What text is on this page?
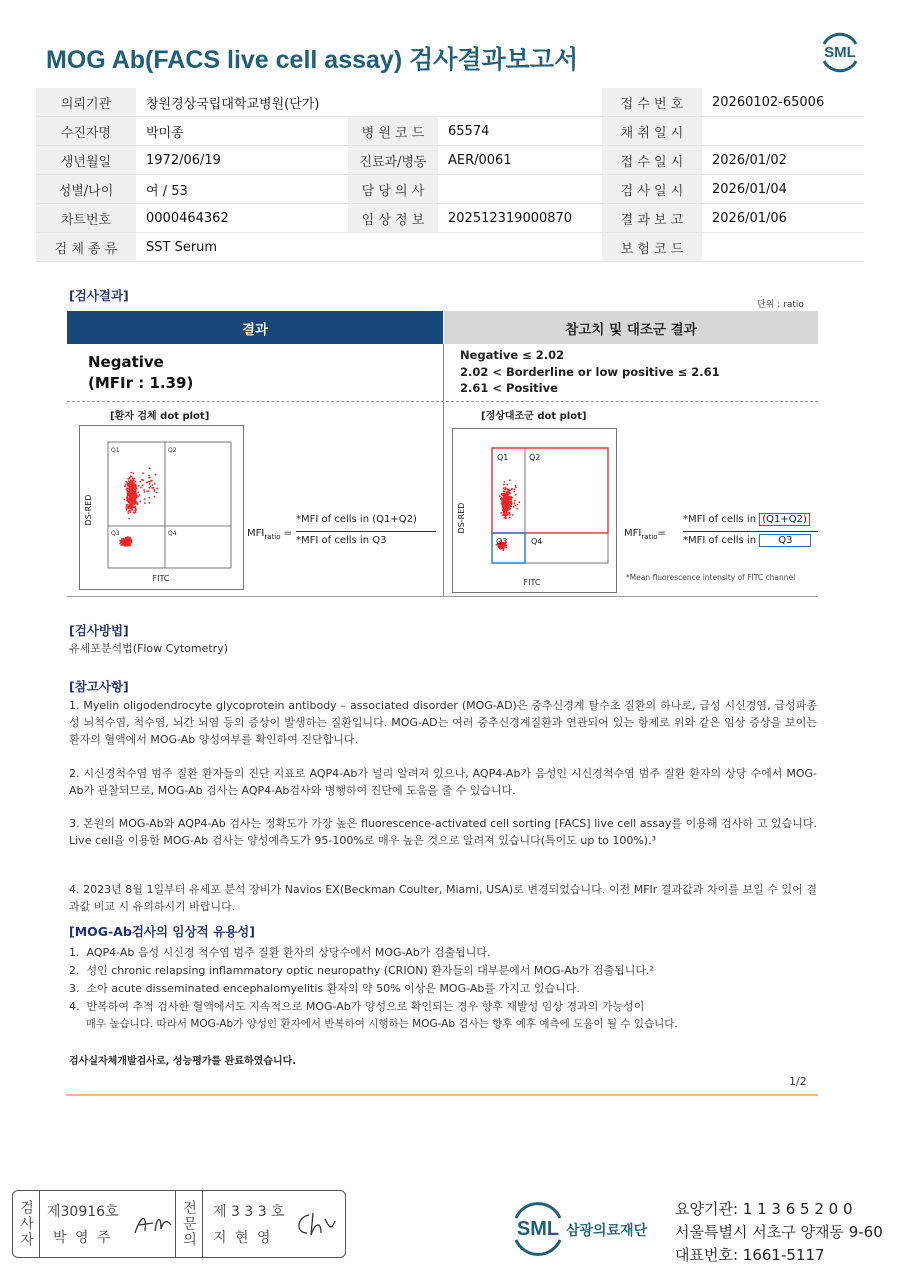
MOG Ab(FACS live cell assay) 검사결과보고서	SML
의뢰기관	창원경상국립대학교병원(단가)			접 수 번 호	20260102-65006
수진자명	박미종	병 원 코 드	65574	채 취 일 시	
생년월일	1972/06/19	진료과/병동	AER/0061	접 수 일 시	2026/01/02
성별/나이	여 / 53	담 당 의 사		검 사 일 시	2026/01/04
차트번호	0000464362	임 상 정 보	202512319000870	결 과 보 고	2026/01/06
검 체 종 류	SST Serum			보 험 코 드	
[검사결과]
단위 : ratio
결과	참고치 및 대조군 결과
Negative
(MFIr : 1.39)
Negative ≤ 2.02
2.02 < Borderline or low positive ≤ 2.61
2.61 < Positive
[환자 검체 dot plot]	[정상대조군 dot plot]
Q1	Q2
Q3	Q4
FITC
DS-RED
$MFI_{ratio}$ =
*MFI of cells in (Q1+Q2)
*MFI of cells in Q3
Q1	Q2
Q3	Q4
FITC
DS-RED
$MFI_{ratio}=$
*MFI of cells in (Q1+Q2)
*MFI of cells in Q3
*Mean fluorescence intensity of FITC channel
[검사방법]
유세포분석법(Flow Cytometry)
[참고사항]
1. Myelin oligodendrocyte glycoprotein antibody – associated disorder (MOG-AD)은 중추신경계 탈수초 질환의 하나로, 급성 시신경염, 급성파종성 뇌척수염, 척수염, 뇌간 뇌염 등의 증상이 발생하는 질환입니다. MOG-AD는 여러 중추신경계질환과 연관되어 있는 항제로 위와 같은 임상 증상을 보이는 환자의 혈액에서 MOG-Ab 양성여부를 확인하여 진단합니다.
2. 시신경척수염 범주 질환 환자들의 진단 지표로 AQP4-Ab가 널리 알려져 있으나, AQP4-Ab가 음성인 시신경척수염 범주 질환 환자의 상당 수에서 MOG-Ab가 관찰되므로, MOG-Ab 검사는 AQP4-Ab검사와 병행하여 진단에 도움을 줄 수 있습니다.
3. 본원의 MOG-Ab와 AQP4-Ab 검사는 정확도가 가장 높은 fluorescence-activated cell sorting [FACS] live cell assay를 이용해 검사하 고 있습니다. Live cell을 이용한 MOG-Ab 검사는 양성예측도가 95-100%로 매우 높은 것으로 알려져 있습니다(특이도 up to 100%).³
4. 2023년 8월 1일부터 유세포 분석 장비가 Navios EX(Beckman Coulter, Miami, USA)로 변경되었습니다. 이전 MFIr 결과값과 차이를 보일 수 있어 결과값 비교 시 유의하시기 바랍니다.
[MOG-Ab검사의 임상적 유용성]
1.  AQP4-Ab 음성 시신경 척수염 범주 질환 환자의 상당수에서 MOG-Ab가 검출됩니다.
2.  성인 chronic relapsing inflammatory optic neuropathy (CRION) 환자들의 대부분에서 MOG-Ab가 검출됩니다.²
3.  소아 acute disseminated encephalomyelitis 환자의 약 50% 이상은 MOG-Ab를 가지고 있습니다.
4.  반복하여 추적 검사한 혈액에서도 지속적으로 MOG-Ab가 양성으로 확인되는 경우 향후 재발성 임상 경과의 가능성이
매우 높습니다. 따라서 MOG-Ab가 양성인 환자에서 반복하여 시행하는 MOG-Ab 검사는 향후 예후 예측에 도움이 될 수 있습니다.
검사실자체개발검사로, 성능평가를 완료하였습니다.
1/2
검사자 제30916호
박 영 주	전문의 제 3 3 3 호
지 현 영	SML 삼광의료재단
요양기관: 1 1 3 6 5 2 0 0
서울특별시 서초구 양재동 9-60
대표번호: 1661-5117
